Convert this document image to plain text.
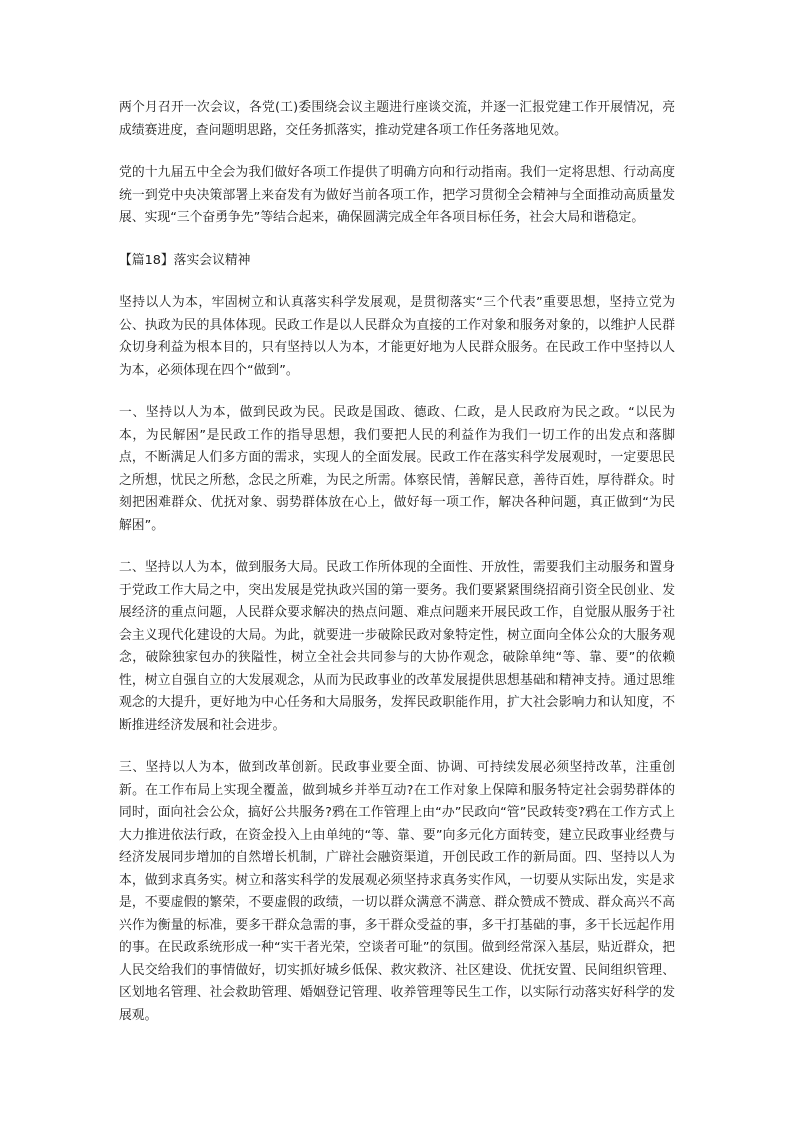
两个月召开一次会议，各党(工)委围绕会议主题进行座谈交流，并逐一汇报党建工作开展情况，亮成绩赛进度，查问题明思路，交任务抓落实，推动党建各项工作任务落地见效。

党的十九届五中全会为我们做好各项工作提供了明确方向和行动指南。我们一定将思想、行动高度统一到党中央决策部署上来奋发有为做好当前各项工作，把学习贯彻全会精神与全面推动高质量发展、实现“三个奋勇争先”等结合起来，确保圆满完成全年各项目标任务，社会大局和谐稳定。

【篇18】落实会议精神

坚持以人为本，牢固树立和认真落实科学发展观，是贯彻落实“三个代表”重要思想，坚持立党为公、执政为民的具体体现。民政工作是以人民群众为直接的工作对象和服务对象的，以维护人民群众切身利益为根本目的，只有坚持以人为本，才能更好地为人民群众服务。在民政工作中坚持以人为本，必须体现在四个“做到”。

一、坚持以人为本，做到民政为民。民政是国政、德政、仁政，是人民政府为民之政。“以民为本，为民解困”是民政工作的指导思想，我们要把人民的利益作为我们一切工作的出发点和落脚点，不断满足人们多方面的需求，实现人的全面发展。民政工作在落实科学发展观时，一定要思民之所想，忧民之所愁，念民之所难，为民之所需。体察民情，善解民意，善待百姓，厚待群众。时刻把困难群众、优抚对象、弱势群体放在心上，做好每一项工作，解决各种问题，真正做到“为民解困”。

二、坚持以人为本，做到服务大局。民政工作所体现的全面性、开放性，需要我们主动服务和置身于党政工作大局之中，突出发展是党执政兴国的第一要务。我们要紧紧围绕招商引资全民创业、发展经济的重点问题，人民群众要求解决的热点问题、难点问题来开展民政工作，自觉服从服务于社会主义现代化建设的大局。为此，就要进一步破除民政对象特定性，树立面向全体公众的大服务观念，破除独家包办的狭隘性，树立全社会共同参与的大协作观念，破除单纯“等、靠、要”的依赖性，树立自强自立的大发展观念，从而为民政事业的改革发展提供思想基础和精神支持。通过思维观念的大提升，更好地为中心任务和大局服务，发挥民政职能作用，扩大社会影响力和认知度，不断推进经济发展和社会进步。

三、坚持以人为本，做到改革创新。民政事业要全面、协调、可持续发展必须坚持改革，注重创新。在工作布局上实现全覆盖，做到城乡并举互动?在工作对象上保障和服务特定社会弱势群体的同时，面向社会公众，搞好公共服务?鸦在工作管理上由“办”民政向“管”民政转变?鸦在工作方式上大力推进依法行政，在资金投入上由单纯的“等、靠、要”向多元化方面转变，建立民政事业经费与经济发展同步增加的自然增长机制，广辟社会融资渠道，开创民政工作的新局面。四、坚持以人为本，做到求真务实。树立和落实科学的发展观必须坚持求真务实作风，一切要从实际出发，实是求是，不要虚假的繁荣，不要虚假的政绩，一切以群众满意不满意、群众赞成不赞成、群众高兴不高兴作为衡量的标准，要多干群众急需的事，多干群众受益的事，多干打基础的事，多干长远起作用的事。在民政系统形成一种“实干者光荣，空谈者可耻”的氛围。做到经常深入基层，贴近群众，把人民交给我们的事情做好，切实抓好城乡低保、救灾救济、社区建设、优抚安置、民间组织管理、区划地名管理、社会救助管理、婚姻登记管理、收养管理等民生工作，以实际行动落实好科学的发展观。
